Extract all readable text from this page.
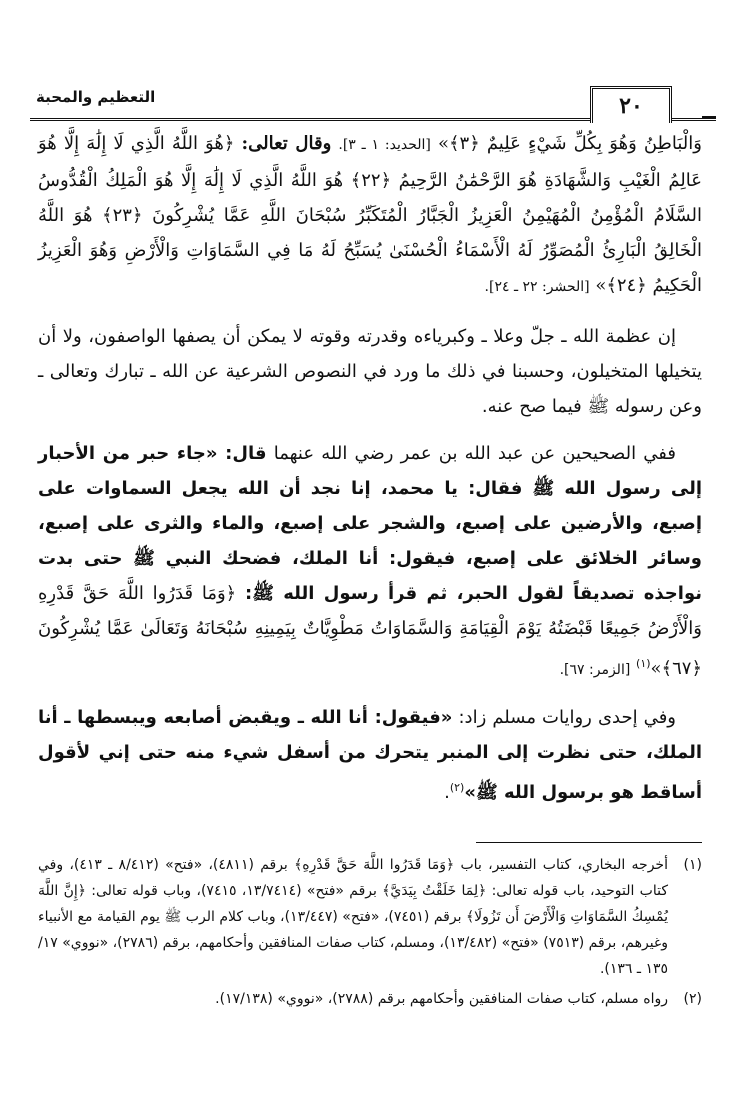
٢٠
التعظيم والمحبة

وَالْبَاطِنُ وَهُوَ بِكُلِّ شَيْءٍ عَلِيمٌ ﴿٣﴾» [الحديد: ١ ـ ٣]. وقال تعالى: ﴿هُوَ اللَّهُ الَّذِي لَا إِلَٰهَ إِلَّا هُوَ عَالِمُ الْغَيْبِ وَالشَّهَادَةِ هُوَ الرَّحْمَٰنُ الرَّحِيمُ ﴿٢٢﴾ هُوَ اللَّهُ الَّذِي لَا إِلَٰهَ إِلَّا هُوَ الْمَلِكُ الْقُدُّوسُ السَّلَامُ الْمُؤْمِنُ الْمُهَيْمِنُ الْعَزِيزُ الْجَبَّارُ الْمُتَكَبِّرُ سُبْحَانَ اللَّهِ عَمَّا يُشْرِكُونَ ﴿٢٣﴾ هُوَ اللَّهُ الْخَالِقُ الْبَارِئُ الْمُصَوِّرُ لَهُ الْأَسْمَاءُ الْحُسْنَىٰ يُسَبِّحُ لَهُ مَا فِي السَّمَاوَاتِ وَالْأَرْضِ وَهُوَ الْعَزِيزُ الْحَكِيمُ ﴿٢٤﴾» [الحشر: ٢٢ ـ ٢٤].

إن عظمة الله ـ جلّ وعلا ـ وكبرياءه وقدرته وقوته لا يمكن أن يصفها الواصفون، ولا أن يتخيلها المتخيلون، وحسبنا في ذلك ما ورد في النصوص الشرعية عن الله ـ تبارك وتعالى ـ وعن رسوله ﷺ فيما صح عنه.

ففي الصحيحين عن عبد الله بن عمر رضي الله عنهما قال: «جاء حبر من الأحبار إلى رسول الله ﷺ فقال: يا محمد، إنا نجد أن الله يجعل السماوات على إصبع، والأرضين على إصبع، والشجر على إصبع، والماء والثرى على إصبع، وسائر الخلائق على إصبع، فيقول: أنا الملك، فضحك النبي ﷺ حتى بدت نواجذه تصديقاً لقول الحبر، ثم قرأ رسول الله ﷺ: ﴿وَمَا قَدَرُوا اللَّهَ حَقَّ قَدْرِهِ وَالْأَرْضُ جَمِيعًا قَبْضَتُهُ يَوْمَ الْقِيَامَةِ وَالسَّمَاوَاتُ مَطْوِيَّاتٌ بِيَمِينِهِ سُبْحَانَهُ وَتَعَالَىٰ عَمَّا يُشْرِكُونَ ﴿٦٧﴾»$^{(١)}$ [الزمر: ٦٧].

وفي إحدى روايات مسلم زاد: «فيقول: أنا الله ـ ويقبض أصابعه ويبسطها ـ أنا الملك، حتى نظرت إلى المنبر يتحرك من أسفل شيء منه حتى إني لأقول أساقط هو برسول الله ﷺ»$^{(٢)}$.

(١)
أخرجه البخاري، كتاب التفسير، باب ﴿وَمَا قَدَرُوا اللَّهَ حَقَّ قَدْرِهِ﴾ برقم (٤٨١١)، «فتح» (٨/٤١٢ ـ ٤١٣)، وفي كتاب التوحيد، باب قوله تعالى: ﴿لِمَا خَلَقْتُ بِيَدَيَّ﴾ برقم «فتح» (١٣/٧٤١٤، ٧٤١٥)، وباب قوله تعالى: ﴿إِنَّ اللَّهَ يُمْسِكُ السَّمَاوَاتِ وَالْأَرْضَ أَن تَزُولَا﴾ برقم (٧٤٥١)، «فتح» (١٣/٤٤٧)، وباب كلام الرب ﷺ يوم القيامة مع الأنبياء وغيرهم، برقم (٧٥١٣) «فتح» (١٣/٤٨٢)، ومسلم، كتاب صفات المنافقين وأحكامهم، برقم (٢٧٨٦)، «نووي» ١٧/ ١٣٥ ـ ١٣٦).
(٢)
رواه مسلم، كتاب صفات المنافقين وأحكامهم برقم (٢٧٨٨)، «نووي» (١٧/١٣٨).
